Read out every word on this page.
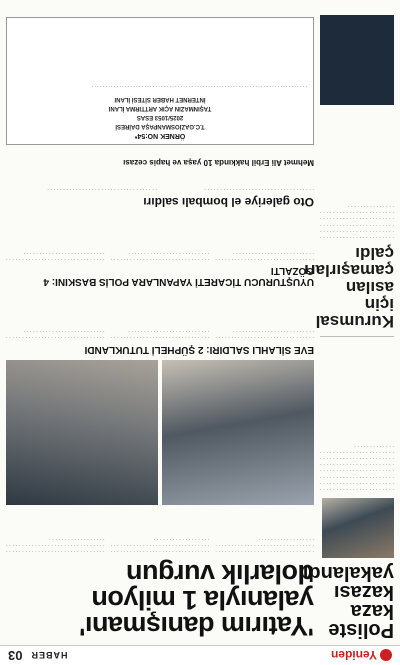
Yeniden
HABER
03
Poliste kaza kazası yakalandı
. . . . . . . . . . . . . . . . . . . . . . . . . . . . . . . . . . . . . . . . . . . . . . . . . . . . . . . . . . . . . . . . . . . . . . . . . . . . . . . . . . . . . . . . . . . . . . . . . . . . . . . . . . . . . . . . . . . . . . . . . . . . . . . . . . . . . . . . . . . . . . . . . . . . . . . . . . . . . . . . . . . . . . . . . . . . . .
Kurumsal için asılan çamaşırları çaldı
. . . . . . . . . . . . . . . . . . . . . . . . . . . . . . . . . . . . . . . . . . . . . . . . . . . . . . . . . . . . . . . . . . . . . . . . . . . . . . . . . . . . . . . . . . . . . . . . . . . . . . . . . . . . . . . . . . . . . . . . . . . . . . . . . .
'Yatırım danışmanı' yalanıyla 1 milyon dolarlık vurgun
. . . . . . . . . . . . . . . . . . . . . . . . . . . . . . . . . . . . . . . . . . . . . . . . . . . . . . . . . . . . . . . . . . . . . . . . . . . . . . . .
. . . . . . . . . . . . . . . . . . . . . . . . . . . . . . . . . . . . . . . . . . . . . . . . . . . . . . . . . . . . . . . . . . . . . . . . . . . . . . . .
. . . . . . . . . . . . . . . . . . . . . . . . . . . . . . . . . . . . . . . . . . . . . . . . . . . . . . . . . . . . . . . . . . . . . . . . . . . . . . . .
EVE SİLAHLI SALDIRI: 2 ŞÜPHELİ TUTUKLANDI
. . . . . . . . . . . . . . . . . . . . . . . . . . . . . . . . . . . . . . . . . . . . . . . . . . . . . . . . .
. . . . . . . . . . . . . . . . . . . . . . . . . . . . . . . . . . . . . . . . . . . . . . . . . . . . . . . . .
. . . . . . . . . . . . . . . . . . . . . . . . . . . . . . . . . . . . . . . . . . . . . . . . . . . . . . . . .
UYUŞTURUCU TİCARETİ YAPANLARA POLİS BASKINI: 4 GÖZALTI
. . . . . . . . . . . . . . . . . . . . . . . . . . . . . . . . . . . . . . . . . . . . . . . . . . . . . . . . .
. . . . . . . . . . . . . . . . . . . . . . . . . . . . . . . . . . . . . . . . . . . . . . . . . . . . . . . . .
. . . . . . . . . . . . . . . . . . . . . . . . . . . . . . . . . . . . . . . . . . . . . . . . . . . . . . . . .
Oto galeriye el bombalı saldırı
. . . . . . . . . . . . . . . . . . . . . . . . . . . . . . . . . . .
. . . . . . . . . . . . . . . . . . . . . . . . . . . . . . . . . . .
Mehmet Ali Erbil hakkında 10 yaşa ve hapis cezası
ÖRNEK NO:54*
T.C.GAZİOSMANPAŞA DAİRESİ
2025/1053 ESAS
TAŞINMAZIN AÇIK ARTTIRMA İLANI
İNTERNET HABER SİTESİ İLANI
. . . . . . . . . . . . . . . . . . . . . . . . . . . . . . . . . . . . . . . . . . . . . . . . . . . . . . . . . . . . . . . . . . . . . . . . . . . . . .
